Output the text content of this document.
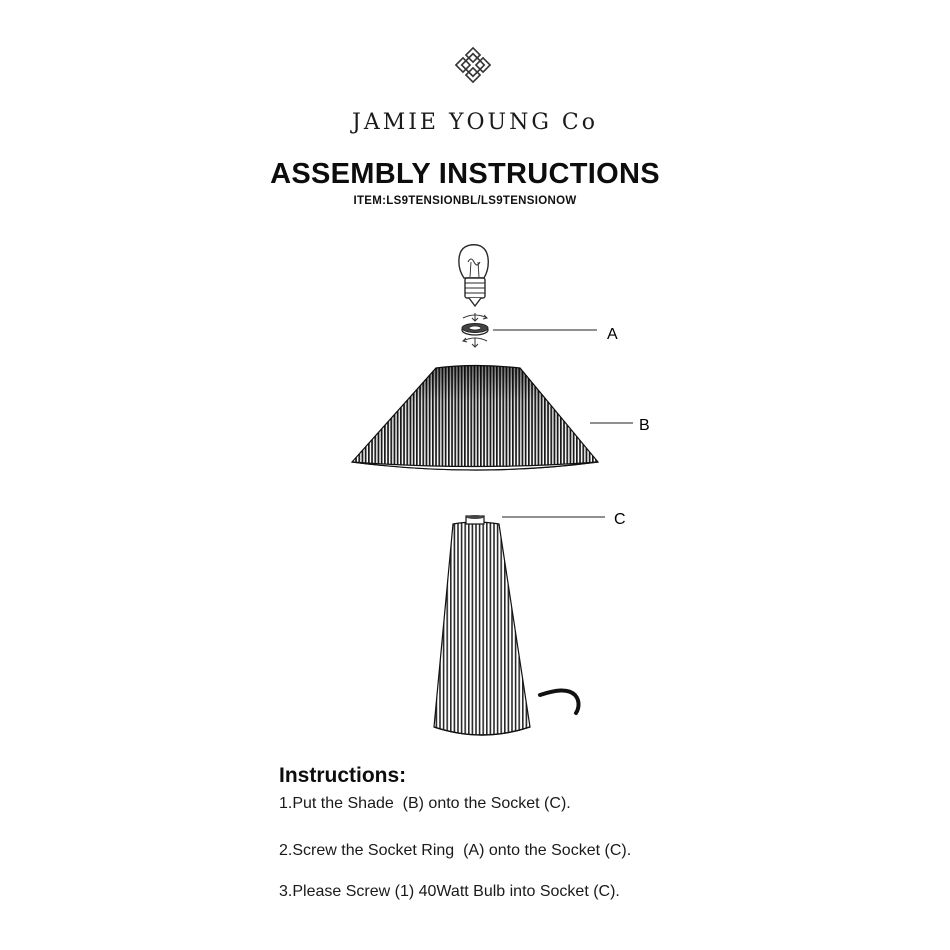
JAMIE YOUNG Co
ASSEMBLY INSTRUCTIONS
ITEM:LS9TENSIONBL/LS9TENSIONOW
A
B
C
Instructions:
1.Put the Shade  (B) onto the Socket (C).
2.Screw the Socket Ring  (A) onto the Socket (C).
3.Please Screw (1) 40Watt Bulb into Socket (C).
